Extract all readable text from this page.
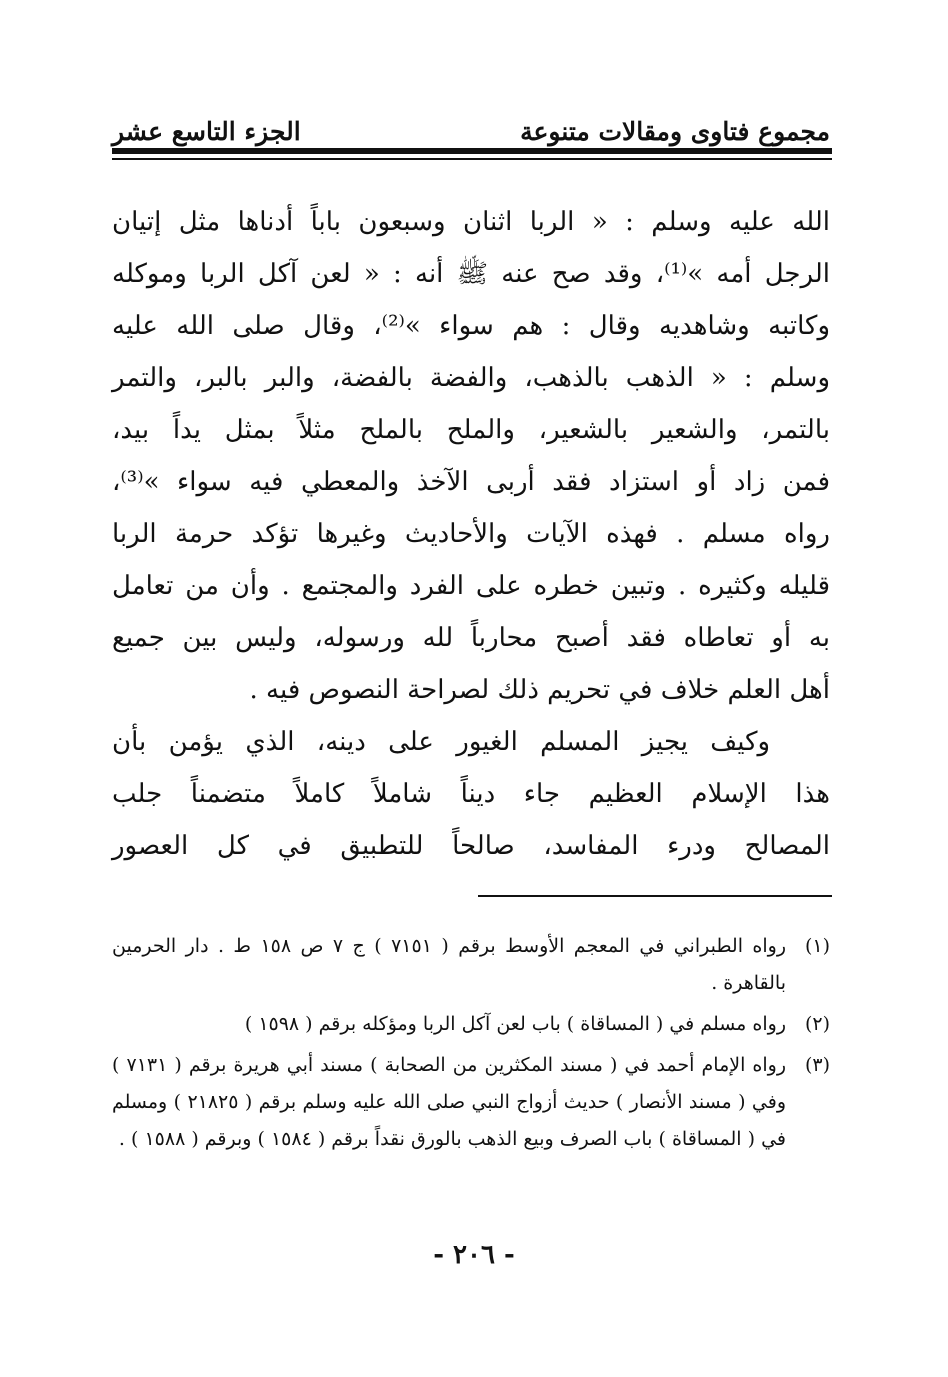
مجموع فتاوى ومقالات متنوعة
الجزء التاسع عشر
الله عليه وسلم : « الربا اثنان وسبعون باباً أدناها مثل إتيان
الرجل أمه »⁽¹⁾، وقد صح عنه ﷺ أنه : « لعن آكل الربا وموكله
وكاتبه وشاهديه وقال : هم سواء »⁽²⁾، وقال صلى الله عليه
وسلم : « الذهب بالذهب، والفضة بالفضة، والبر بالبر، والتمر
بالتمر، والشعير بالشعير، والملح بالملح مثلاً بمثل يداً بيد،
فمن زاد أو استزاد فقد أربى الآخذ والمعطي فيه سواء »⁽³⁾،
رواه مسلم . فهذه الآيات والأحاديث وغيرها تؤكد حرمة الربا
قليله وكثيره . وتبين خطره على الفرد والمجتمع . وأن من تعامل
به أو تعاطاه فقد أصبح محارباً لله ورسوله، وليس بين جميع
أهل العلم خلاف في تحريم ذلك لصراحة النصوص فيه .
وكيف يجيز المسلم الغيور على دينه، الذي يؤمن بأن
هذا الإسلام العظيم جاء ديناً شاملاً كاملاً متضمناً جلب
المصالح ودرء المفاسد، صالحاً للتطبيق في كل العصور
(١)
رواه الطبراني في المعجم الأوسط برقم ( ٧١٥١ ) ج ٧ ص ١٥٨ ط . دار الحرمين بالقاهرة .
(٢)
رواه مسلم في ( المساقاة ) باب لعن آكل الربا ومؤكله برقم ( ١٥٩٨ )
(٣)
رواه الإمام أحمد في ( مسند المكثرين من الصحابة ) مسند أبي هريرة برقم ( ٧١٣١ ) وفي ( مسند الأنصار ) حديث أزواج النبي صلى الله عليه وسلم برقم ( ٢١٨٢٥ ) ومسلم في ( المساقاة ) باب الصرف وبيع الذهب بالورق نقداً برقم ( ١٥٨٤ ) وبرقم ( ١٥٨٨ ) .
- ٢٠٦ -
